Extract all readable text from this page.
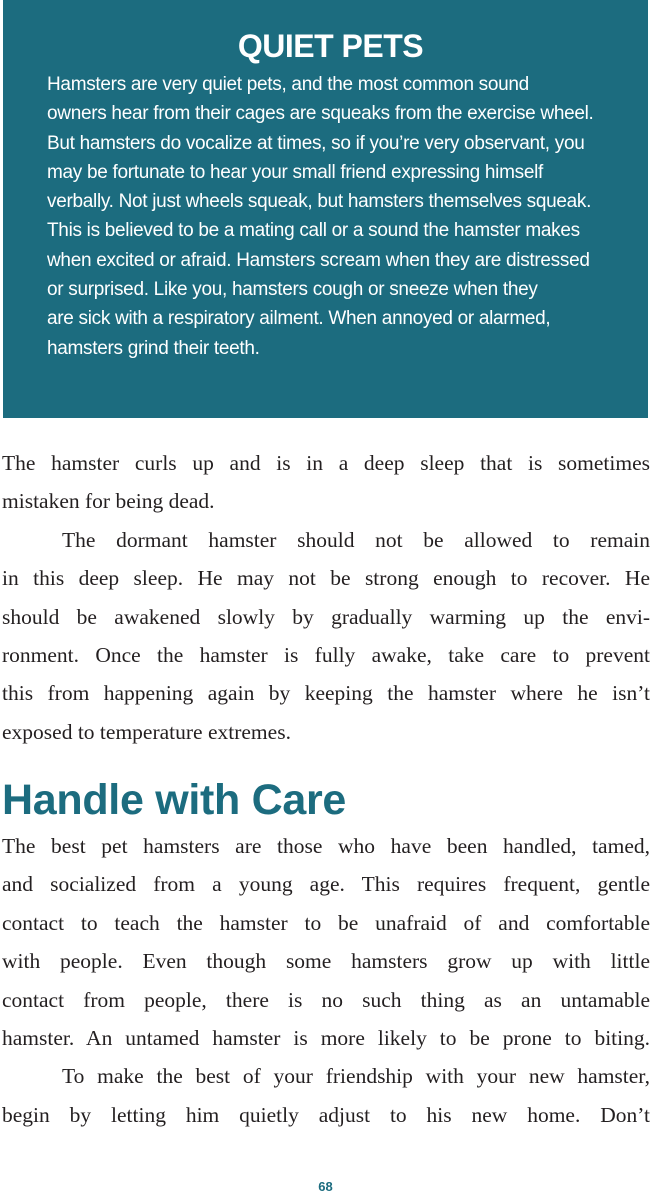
QUIET PETS
Hamsters are very quiet pets, and the most common sound
owners hear from their cages are squeaks from the exercise wheel.
But hamsters do vocalize at times, so if you’re very observant, you
may be fortunate to hear your small friend expressing himself
verbally. Not just wheels squeak, but hamsters themselves squeak.
This is believed to be a mating call or a sound the hamster makes
when excited or afraid. Hamsters scream when they are distressed
or surprised. Like you, hamsters cough or sneeze when they
are sick with a respiratory ailment. When annoyed or alarmed,
hamsters grind their teeth.
The hamster curls up and is in a deep sleep that is sometimes
mistaken for being dead.
The dormant hamster should not be allowed to remain
in this deep sleep. He may not be strong enough to recover. He
should be awakened slowly by gradually warming up the envi-
ronment. Once the hamster is fully awake, take care to prevent
this from happening again by keeping the hamster where he isn’t
exposed to temperature extremes.
Handle with Care
The best pet hamsters are those who have been handled, tamed,
and socialized from a young age. This requires frequent, gentle
contact to teach the hamster to be unafraid of and comfortable
with people. Even though some hamsters grow up with little
contact from people, there is no such thing as an untamable
hamster. An untamed hamster is more likely to be prone to biting.
To make the best of your friendship with your new hamster,
begin by letting him quietly adjust to his new home. Don’t
68
